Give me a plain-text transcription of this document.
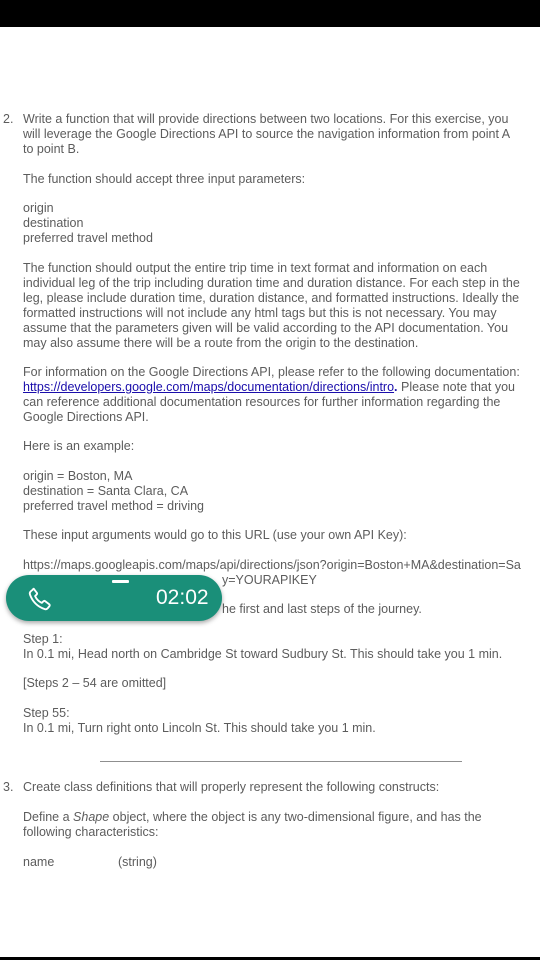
2. Write a function that will provide directions between two locations. For this exercise, you
will leverage the Google Directions API to source the navigation information from point A
to point B.
The function should accept three input parameters:
origin
destination
preferred travel method
The function should output the entire trip time in text format and information on each
individual leg of the trip including duration time and duration distance. For each step in the
leg, please include duration time, duration distance, and formatted instructions. Ideally the
formatted instructions will not include any html tags but this is not necessary. You may
assume that the parameters given will be valid according to the API documentation. You
may also assume there will be a route from the origin to the destination.
For information on the Google Directions API, please refer to the following documentation:
https://developers.google.com/maps/documentation/directions/intro. Please note that you
can reference additional documentation resources for further information regarding the
Google Directions API.
Here is an example:
origin = Boston, MA
destination = Santa Clara, CA
preferred travel method = driving
These input arguments would go to this URL (use your own API Key):
https://maps.googleapis.com/maps/api/directions/json?origin=Boston+MA&destination=Sa
y=YOURAPIKEY
he first and last steps of the journey.
Step 1:
In 0.1 mi, Head north on Cambridge St toward Sudbury St. This should take you 1 min.
[Steps 2 – 54 are omitted]
Step 55:
In 0.1 mi, Turn right onto Lincoln St. This should take you 1 min.
3. Create class definitions that will properly represent the following constructs:
Define a Shape object, where the object is any two-dimensional figure, and has the
following characteristics:
name	(string)
02:02
